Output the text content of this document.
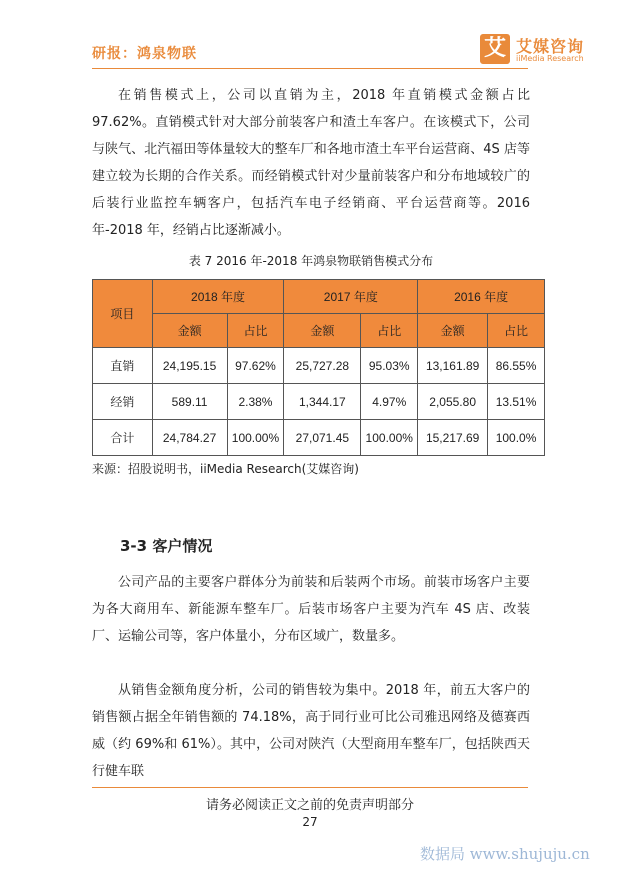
研报：鸿泉物联	艾 艾媒咨询
iiMedia Research
在销售模式上，公司以直销为主，2018 年直销模式金额占比 97.62%。直销模式针对大部分前装客户和渣土车客户。在该模式下，公司与陕气、北汽福田等体量较大的整车厂和各地市渣土车平台运营商、4S 店等建立较为长期的合作关系。而经销模式针对少量前装客户和分布地域较广的后装行业监控车辆客户，包括汽车电子经销商、平台运营商等。2016 年-2018 年，经销占比逐渐减小。
表 7 2016 年-2018 年鸿泉物联销售模式分布
项目	2018 年度		2017 年度		2016 年度	
	金额	占比	金额	占比	金额	占比
直销	24,195.15	97.62%	25,727.28	95.03%	13,161.89	86.55%
经销	589.11	2.38%	1,344.17	4.97%	2,055.80	13.51%
合计	24,784.27	100.00%	27,071.45	100.00%	15,217.69	100.0%
来源：招股说明书，iiMedia Research(艾媒咨询)
3-3 客户情况
公司产品的主要客户群体分为前装和后装两个市场。前装市场客户主要为各大商用车、新能源车整车厂。后装市场客户主要为汽车 4S 店、改装厂、运输公司等，客户体量小，分布区域广，数量多。
从销售金额角度分析，公司的销售较为集中。2018 年，前五大客户的销售额占据全年销售额的 74.18%，高于同行业可比公司雅迅网络及德赛西威（约 69%和 61%）。其中，公司对陕汽（大型商用车整车厂，包括陕西天行健车联
请务必阅读正文之前的免责声明部分
27
数据局 www.shujuju.cn
